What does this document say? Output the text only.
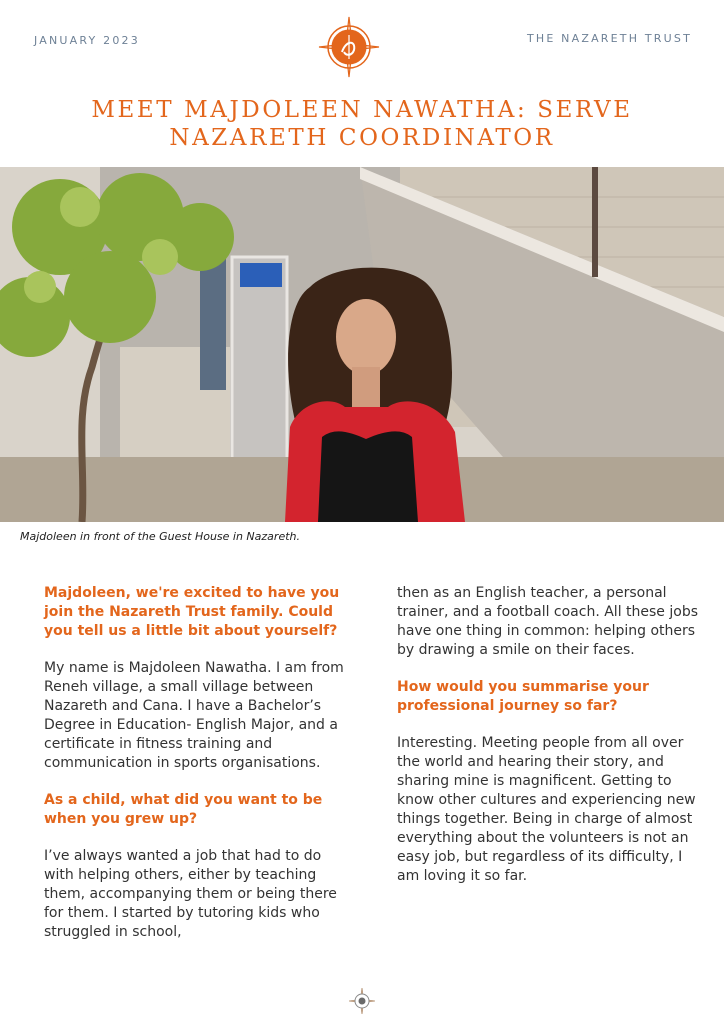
JANUARY 2023	THE NAZARETH TRUST
MEET MAJDOLEEN NAWATHA: SERVE NAZARETH COORDINATOR
Majdoleen in front of the Guest House in Nazareth.

Majdoleen, we're excited to have you join the Nazareth Trust family. Could you tell us a little bit about yourself?

My name is Majdoleen Nawatha. I am from Reneh village, a small village between Nazareth and Cana. I have a Bachelor’s Degree in Education- English Major, and a certificate in fitness training and communication in sports organisations.

As a child, what did you want to be when you grew up?

I’ve always wanted a job that had to do with helping others, either by teaching them, accompanying them or being there for them. I started by tutoring kids who struggled in school,

then as an English teacher, a personal trainer, and a football coach. All these jobs have one thing in common: helping others by drawing a smile on their faces.

How would you summarise your professional journey so far?

Interesting. Meeting people from all over the world and hearing their story, and sharing mine is magnificent. Getting to know other cultures and experiencing new things together. Being in charge of almost everything about the volunteers is not an easy job, but regardless of its difficulty, I am loving it so far.
